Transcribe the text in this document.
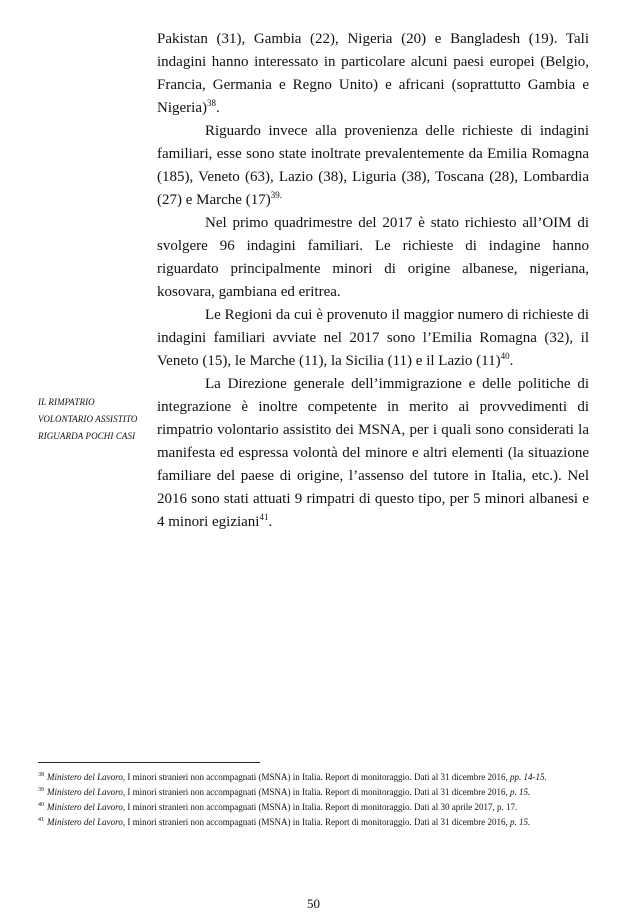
IL RIMPATRIO VOLONTARIO ASSISTITO RIGUARDA POCHI CASI

Pakistan (31), Gambia (22), Nigeria (20) e Bangladesh (19). Tali indagini hanno interessato in particolare alcuni paesi europei (Belgio, Francia, Germania e Regno Unito) e africani (soprattutto Gambia e Nigeria)$^{38}$.

Riguardo invece alla provenienza delle richieste di indagini familiari, esse sono state inoltrate prevalentemente da Emilia Romagna (185), Veneto (63), Lazio (38), Liguria (38), Toscana (28), Lombardia (27) e Marche $(17)^{39.}$

Nel primo quadrimestre del 2017 è stato richiesto all’OIM di svolgere 96 indagini familiari. Le richieste di indagine hanno riguardato principalmente minori di origine albanese, nigeriana, kosovara, gambiana ed eritrea.

Le Regioni da cui è provenuto il maggior numero di richieste di indagini familiari avviate nel 2017 sono l’Emilia Romagna (32), il Veneto (15), le Marche (11), la Sicilia (11) e il Lazio $(11)^{40}$.

La Direzione generale dell’immigrazione e delle politiche di integrazione è inoltre competente in merito ai provvedimenti di rimpatrio volontario assistito dei MSNA, per i quali sono considerati la manifesta ed espressa volontà del minore e altri elementi (la situazione familiare del paese di origine, l’assenso del tutore in Italia, etc.). Nel 2016 sono stati attuati 9 rimpatri di questo tipo, per 5 minori albanesi e 4 minori egiziani$^{41}$.

$^{38}$ Ministero del Lavoro, I minori stranieri non accompagnati (MSNA) in Italia. Report di monitoraggio. Dati al 31 dicembre 2016, pp. 14-15.

$^{39}$ Ministero del Lavoro, I minori stranieri non accompagnati (MSNA) in Italia. Report di monitoraggio. Dati al 31 dicembre 2016, p. 15.

$^{40}$ Ministero del Lavoro, I minori stranieri non accompagnati (MSNA) in Italia. Report di monitoraggio. Dati al 30 aprile 2017, p. 17.

$^{41}$ Ministero del Lavoro, I minori stranieri non accompagnati (MSNA) in Italia. Report di monitoraggio. Dati al 31 dicembre 2016, p. 15.

50
